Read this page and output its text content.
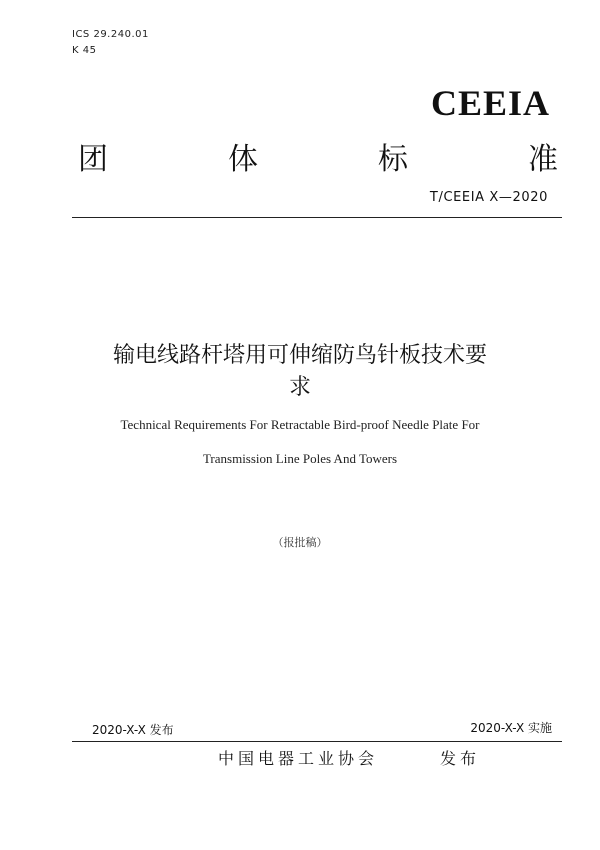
ICS 29.240.01
K 45
CEEIA
团	体	标	准
T/CEEIA X—2020
输电线路杆塔用可伸缩防鸟针板技术要
求
Technical Requirements For Retractable Bird-proof Needle Plate For
Transmission Line Poles And Towers
（报批稿）
2020-X-X 发布	2020-X-X 实施
中国电器工业协会	发布
